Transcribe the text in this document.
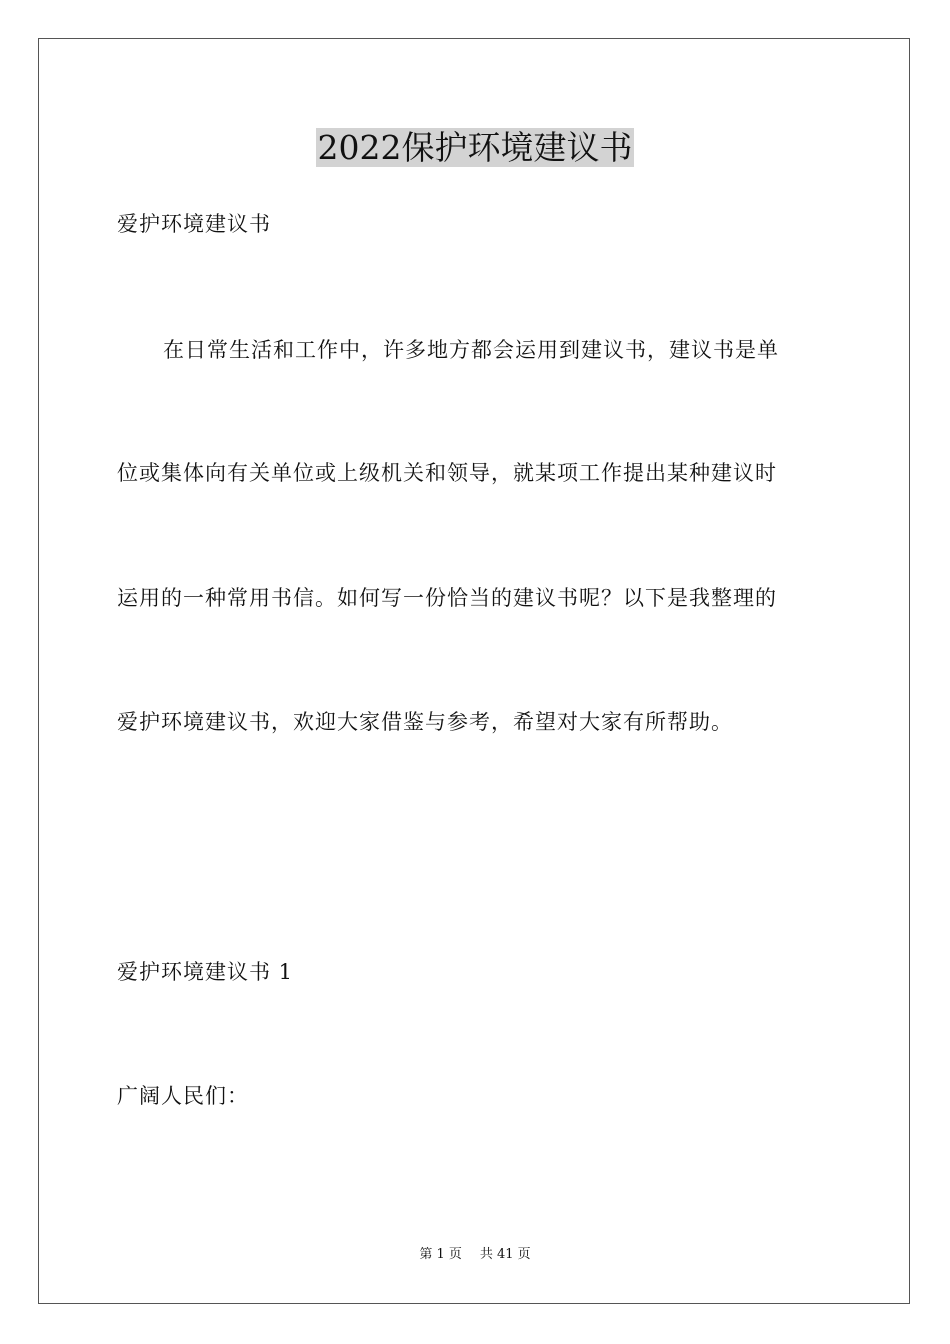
2022保护环境建议书
爱护环境建议书
在日常生活和工作中，许多地方都会运用到建议书，建议书是单
位或集体向有关单位或上级机关和领导，就某项工作提出某种建议时
运用的一种常用书信。如何写一份恰当的建议书呢？以下是我整理的
爱护环境建议书，欢迎大家借鉴与参考，希望对大家有所帮助。
爱护环境建议书 1
广阔人民们：
第 1 页 共 41 页
